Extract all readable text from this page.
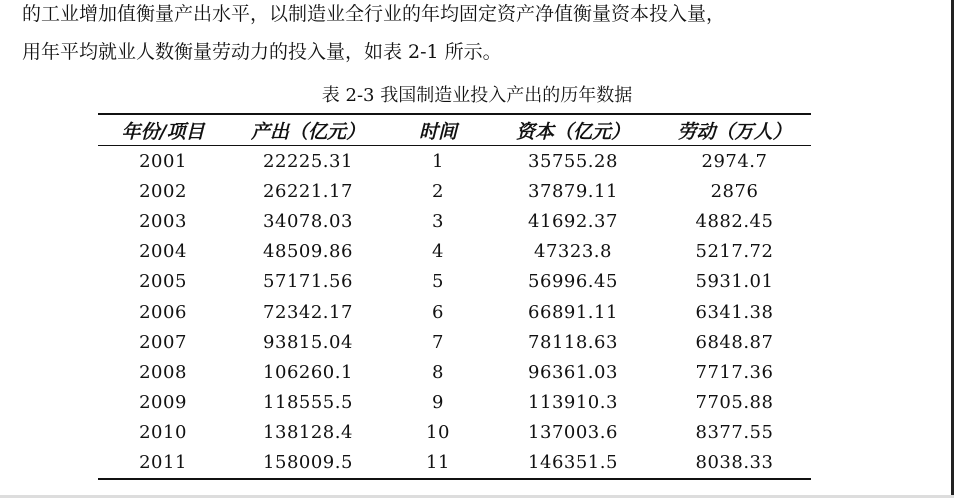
的工业增加值衡量产出水平，以制造业全行业的年均固定资产净值衡量资本投入量，
用年平均就业人数衡量劳动力的投入量，如表 2-1 所示。
表 2-3 我国制造业投入产出的历年数据
年份/项目	产出（亿元）	时间	资本（亿元）	劳动（万人）
2001	22225.31	1	35755.28	2974.7
2002	26221.17	2	37879.11	2876
2003	34078.03	3	41692.37	4882.45
2004	48509.86	4	47323.8	5217.72
2005	57171.56	5	56996.45	5931.01
2006	72342.17	6	66891.11	6341.38
2007	93815.04	7	78118.63	6848.87
2008	106260.1	8	96361.03	7717.36
2009	118555.5	9	113910.3	7705.88
2010	138128.4	10	137003.6	8377.55
2011	158009.5	11	146351.5	8038.33
